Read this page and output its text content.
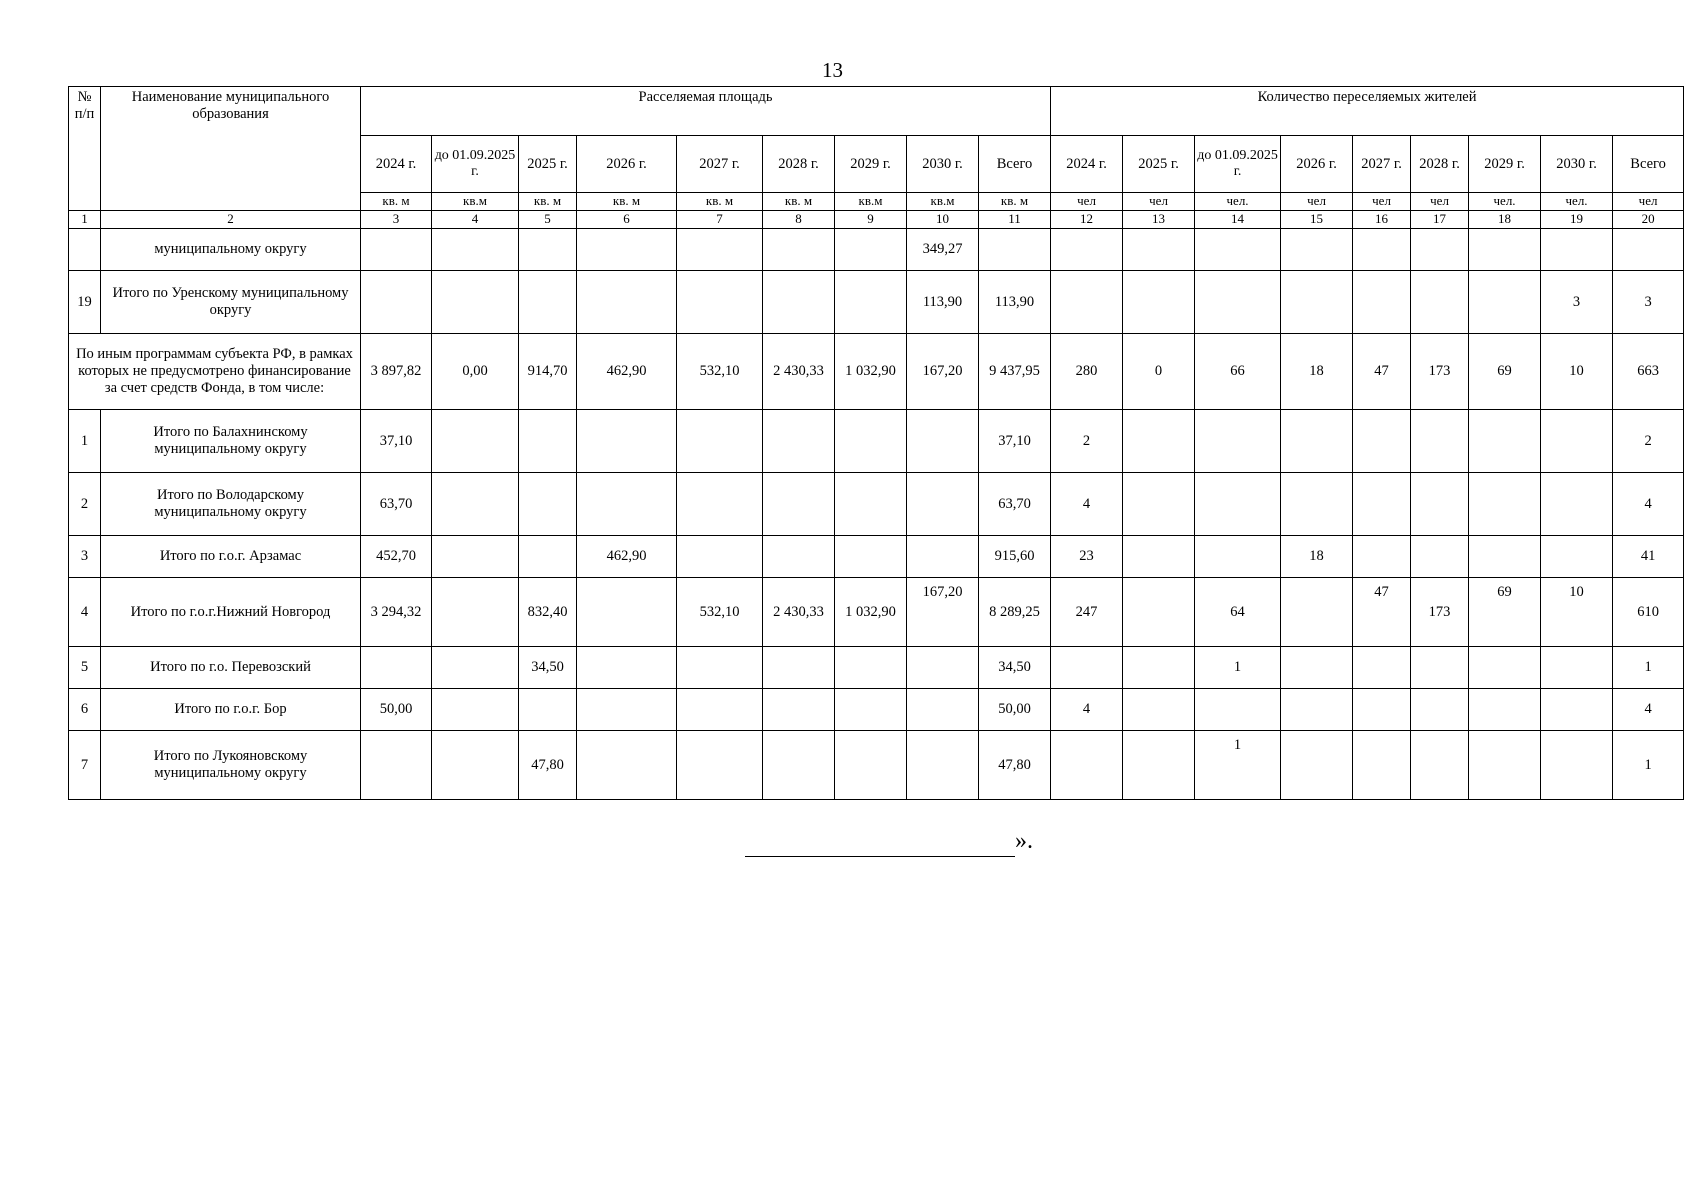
13
№ п/п	Наименование муниципального образования	Расселяемая площадь									Количество переселяемых жителей								
		2024 г.	до 01.09.2025 г.	2025 г.	2026 г.	2027 г.	2028 г.	2029 г.	2030 г.	Всего	2024 г.	2025 г.	до 01.09.2025 г.	2026 г.	2027 г.	2028 г.	2029 г.	2030 г.	Всего
		кв. м	кв.м	кв. м	кв. м	кв. м	кв. м	кв.м	кв.м	кв. м	чел	чел	чел.	чел	чел	чел	чел.	чел.	чел
1	2	3	4	5	6	7	8	9	10	11	12	13	14	15	16	17	18	19	20
	муниципальному округу								349,27										
19	Итого по Уренскому муниципальному округу								113,90	113,90								3	3
По иным программам субъекта РФ, в рамках которых не предусмотрено финансирование за счет средств Фонда, в том числе:		3 897,82	0,00	914,70	462,90	532,10	2 430,33	1 032,90	167,20	9 437,95	280	0	66	18	47	173	69	10	663
1	Итого по Балахнинскому муниципальному округу	37,10								37,10	2								2
2	Итого по Володарскому муниципальному округу	63,70								63,70	4								4
3	Итого по г.о.г. Арзамас	452,70			462,90					915,60	23			18					41
4	Итого по г.о.г.Нижний Новгород	3 294,32		832,40		532,10	2 430,33	1 032,90	167,20	8 289,25	247		64		47	173	69	10	610
5	Итого по г.о. Перевозский			34,50						34,50			1						1
6	Итого по г.о.г. Бор	50,00								50,00	4								4
7	Итого по Лукояновскому муниципальному округу			47,80						47,80			1						1
».
